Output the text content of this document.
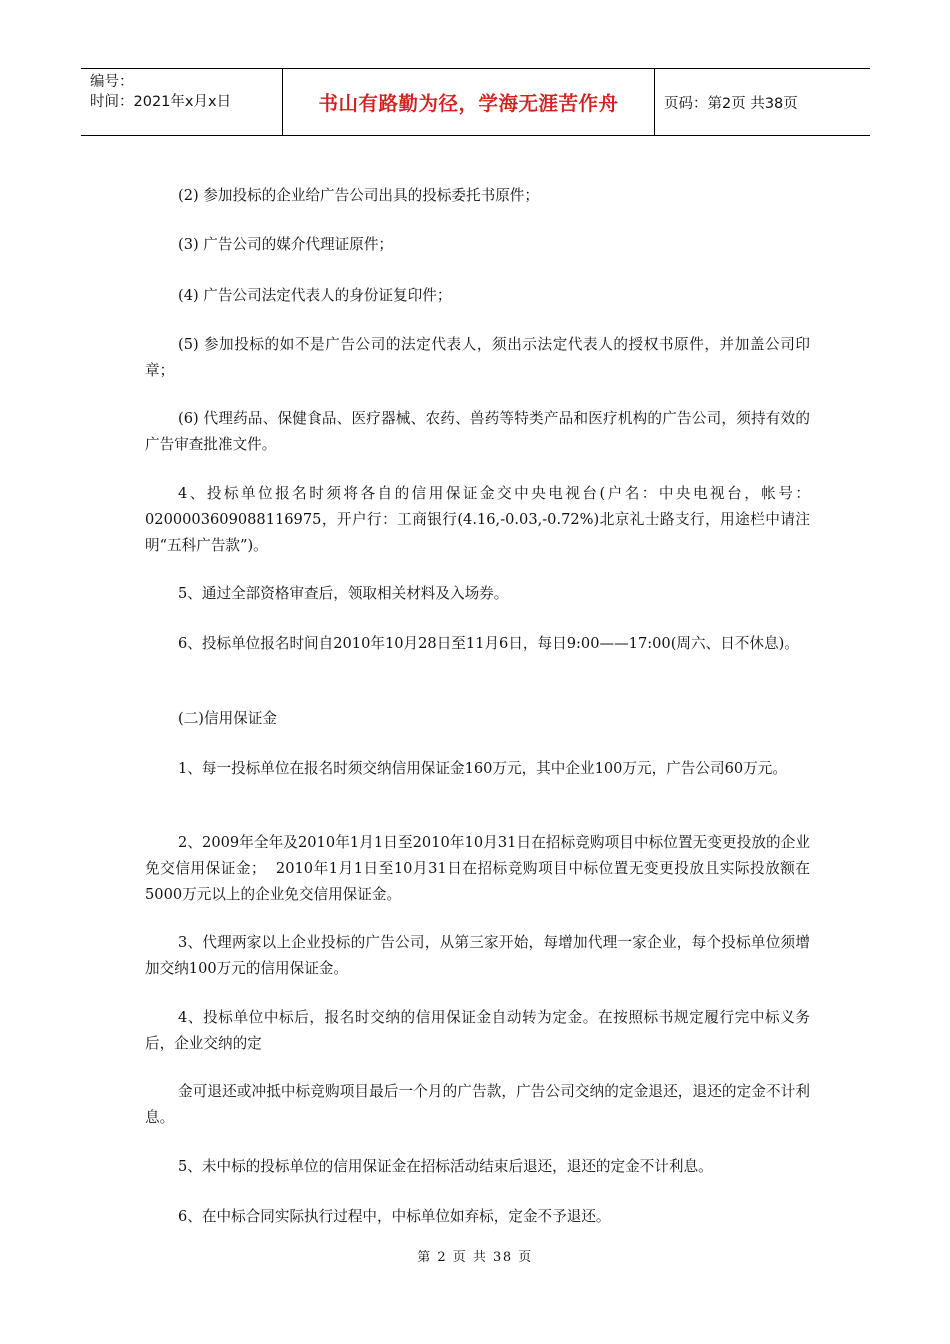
编号：
时间：2021年x月x日	书山有路勤为径，学海无涯苦作舟	页码：第2页 共38页

(2) 参加投标的企业给广告公司出具的投标委托书原件；

(3) 广告公司的媒介代理证原件；

(4) 广告公司法定代表人的身份证复印件；

(5) 参加投标的如不是广告公司的法定代表人，须出示法定代表人的授权书原件，并加盖公司印章；

(6) 代理药品、保健食品、医疗器械、农药、兽药等特类产品和医疗机构的广告公司，须持有效的广告审查批准文件。

4、投标单位报名时须将各自的信用保证金交中央电视台(户名：中央电视台，帐号：0200003609088116975，开户行：工商银行(4.16,-0.03,-0.72%)北京礼士路支行，用途栏中请注明“五科广告款”)。

5、通过全部资格审查后，领取相关材料及入场券。

6、投标单位报名时间自2010年10月28日至11月6日，每日9:00——17:00(周六、日不休息)。

(二)信用保证金

1、每一投标单位在报名时须交纳信用保证金160万元，其中企业100万元，广告公司60万元。

2、2009年全年及2010年1月1日至2010年10月31日在招标竞购项目中标位置无变更投放的企业免交信用保证金；  2010年1月1日至10月31日在招标竞购项目中标位置无变更投放且实际投放额在5000万元以上的企业免交信用保证金。

3、代理两家以上企业投标的广告公司，从第三家开始，每增加代理一家企业，每个投标单位须增加交纳100万元的信用保证金。

4、投标单位中标后，报名时交纳的信用保证金自动转为定金。在按照标书规定履行完中标义务后，企业交纳的定

金可退还或冲抵中标竞购项目最后一个月的广告款，广告公司交纳的定金退还，退还的定金不计利息。

5、未中标的投标单位的信用保证金在招标活动结束后退还，退还的定金不计利息。

6、在中标合同实际执行过程中，中标单位如弃标，定金不予退还。

第 2 页 共 38 页
